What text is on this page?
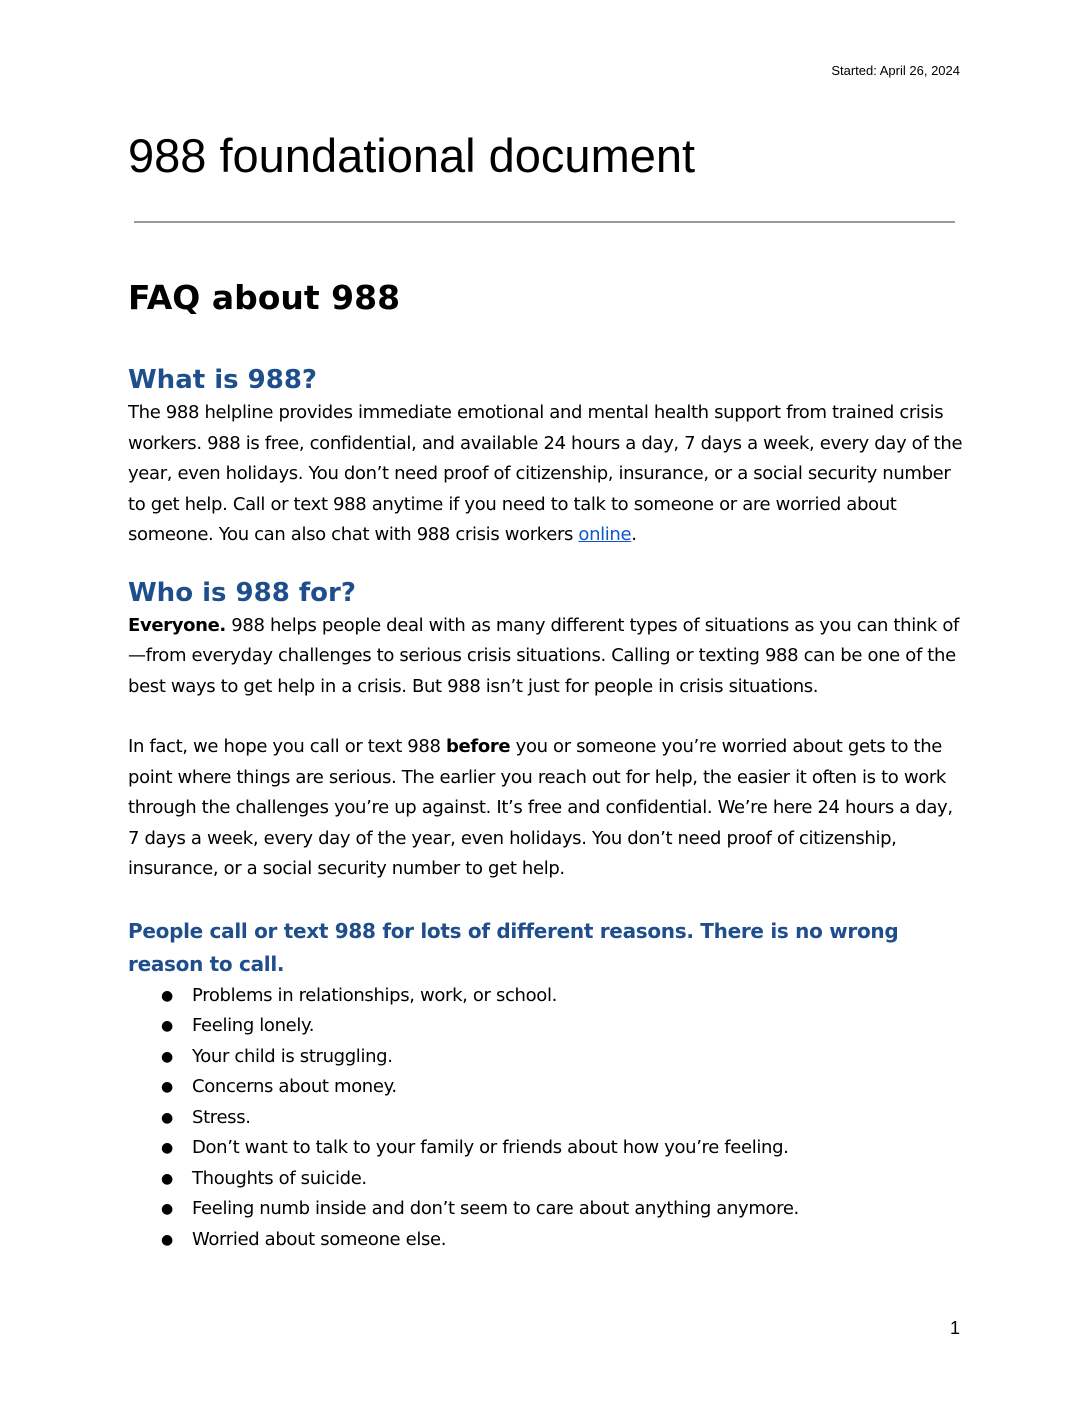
Started: April 26, 2024
988 foundational document
FAQ about 988
What is 988?

The 988 helpline provides immediate emotional and mental health support from trained crisis workers. 988 is free, confidential, and available 24 hours a day, 7 days a week, every day of the year, even holidays. You don’t need proof of citizenship, insurance, or a social security number to get help. Call or text 988 anytime if you need to talk to someone or are worried about someone. You can also chat with 988 crisis workers online.

Who is 988 for?

Everyone. 988 helps people deal with as many different types of situations as you can think of—from everyday challenges to serious crisis situations. Calling or texting 988 can be one of the best ways to get help in a crisis. But 988 isn’t just for people in crisis situations.

In fact, we hope you call or text 988 before you or someone you’re worried about gets to the point where things are serious. The earlier you reach out for help, the easier it often is to work through the challenges you’re up against. It’s free and confidential. We’re here 24 hours a day, 7 days a week, every day of the year, even holidays. You don’t need proof of citizenship, insurance, or a social security number to get help.

People call or text 988 for lots of different reasons. There is no wrong reason to call.
● Problems in relationships, work, or school.
● Feeling lonely.
● Your child is struggling.
● Concerns about money.
● Stress.
● Don’t want to talk to your family or friends about how you’re feeling.
● Thoughts of suicide.
● Feeling numb inside and don’t seem to care about anything anymore.
● Worried about someone else.
1
